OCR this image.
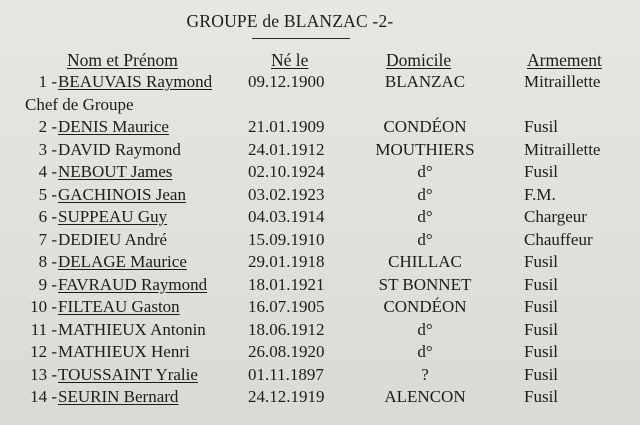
GROUPE de BLANZAC -2-
Nom et Prénom	Né le	Domicile	Armement
1 - BEAUVAIS Raymond 09.12.1900	BLANZAC	Mitraillette
Chef de Groupe
2 - DENIS Maurice	21.01.1909	CONDÉON	Fusil
3 - DAVID Raymond	24.01.1912	MOUTHIERS	Mitraillette
4 - NEBOUT James	02.10.1924	d°	Fusil
5 - GACHINOIS Jean	03.02.1923	d°	F.M.
6 - SUPPEAU Guy	04.03.1914	d°	Chargeur
7 - DEDIEU André	15.09.1910	d°	Chauffeur
8 - DELAGE Maurice	29.01.1918	CHILLAC	Fusil
9 - FAVRAUD Raymond 18.01.1921	ST BONNET	Fusil
10 - FILTEAU Gaston	16.07.1905	CONDÉON	Fusil
11 - MATHIEUX Antonin 18.06.1912	d°	Fusil
12 - MATHIEUX Henri	26.08.1920	d°	Fusil
13 - TOUSSAINT Yralie	01.11.1897	?	Fusil
14 - SEURIN Bernard	24.12.1919	ALENCON	Fusil
